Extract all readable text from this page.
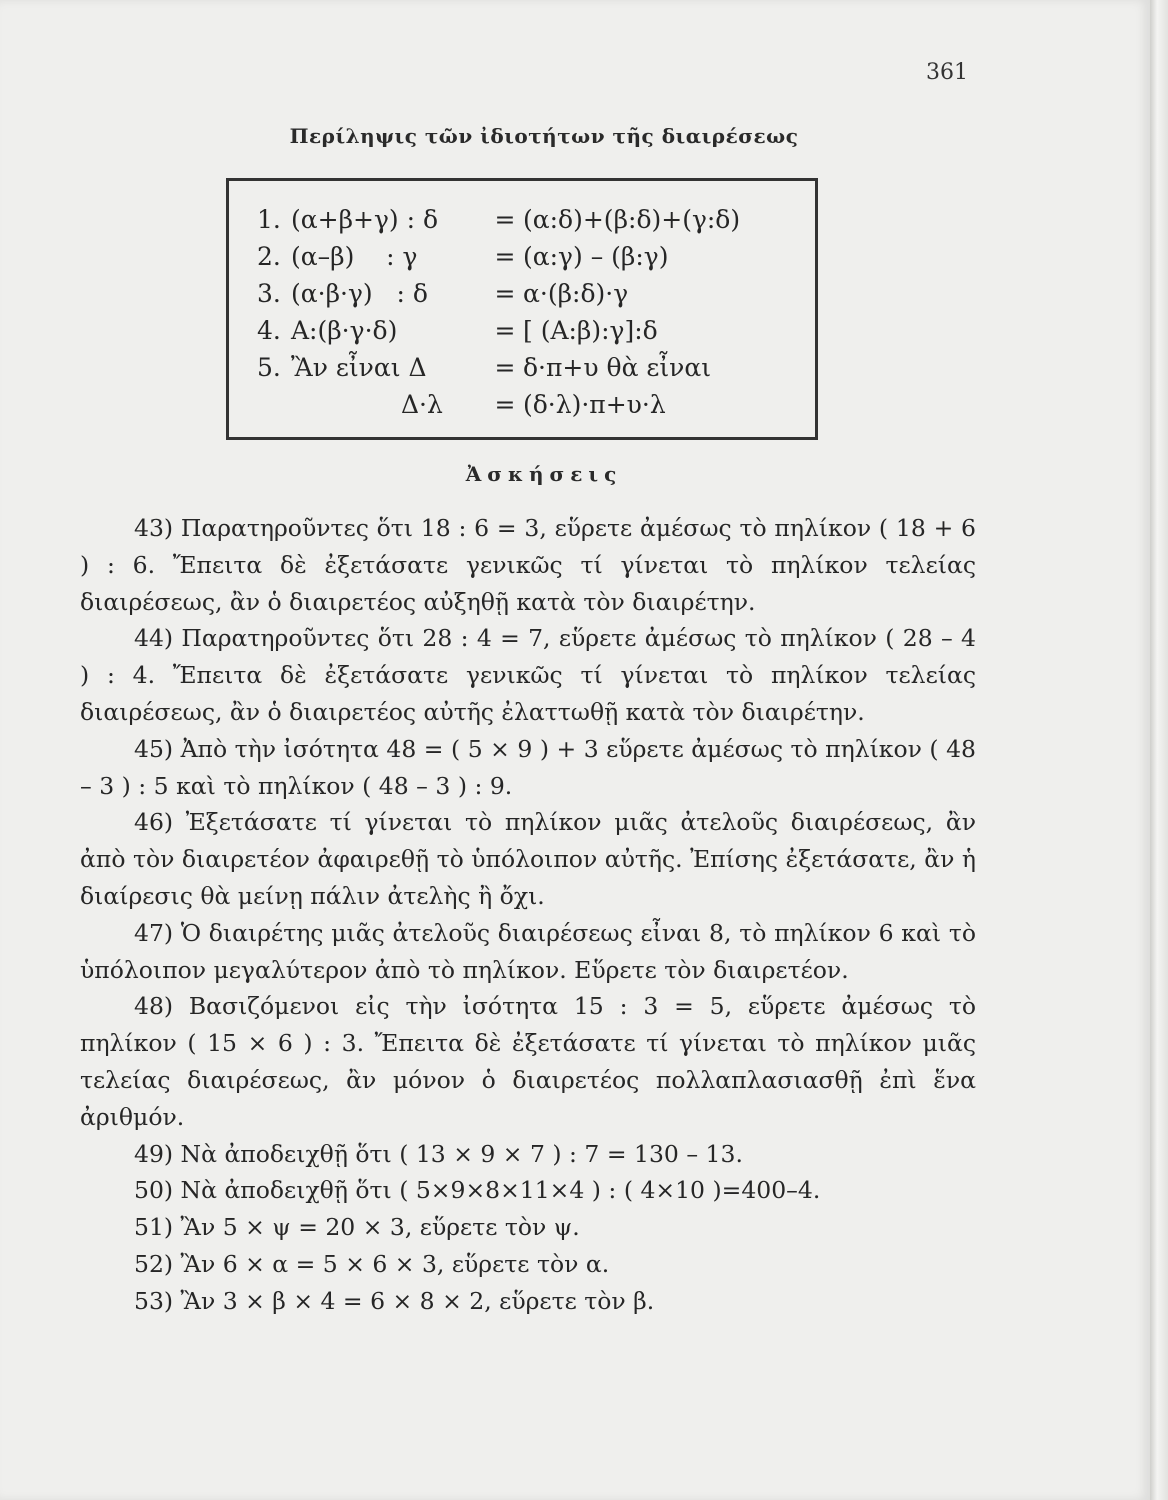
361
Περίληψις τῶν ἰδιοτήτων τῆς διαιρέσεως
1. (α+β+γ) : δ	= (α:δ)+(β:δ)+(γ:δ)
2. (α–β)    : γ	= (α:γ) – (β:γ)
3. (α·β·γ)   : δ	= α·(β:δ)·γ
4. A:(β·γ·δ)	= [ (A:β):γ]:δ
5. Ἂν εἶναι Δ	= δ·π+υ θὰ εἶναι
Δ·λ	= (δ·λ)·π+υ·λ
Ἀσκήσεις

43) Παρατηροῦντες ὅτι 18 : 6 = 3, εὕρετε ἀμέσως τὸ πηλίκον ( 18 + 6 ) : 6. Ἔπειτα δὲ ἐξετάσατε γενικῶς τί γίνεται τὸ πηλίκον τελείας διαιρέσεως, ἂν ὁ διαιρετέος αὐξηθῇ κατὰ τὸν διαιρέτην.

44) Παρατηροῦντες ὅτι 28 : 4 = 7, εὕρετε ἀμέσως τὸ πηλίκον ( 28 – 4 ) : 4. Ἔπειτα δὲ ἐξετάσατε γενικῶς τί γίνεται τὸ πηλίκον τελείας διαιρέσεως, ἂν ὁ διαιρετέος αὐτῆς ἐλαττωθῇ κατὰ τὸν διαιρέτην.

45) Ἀπὸ τὴν ἰσότητα 48 = ( 5 × 9 ) + 3 εὕρετε ἀμέσως τὸ πηλίκον ( 48 – 3 ) : 5 καὶ τὸ πηλίκον ( 48 – 3 ) : 9.

46) Ἐξετάσατε τί γίνεται τὸ πηλίκον μιᾶς ἀτελοῦς διαιρέσεως, ἂν ἀπὸ τὸν διαιρετέον ἀφαιρεθῇ τὸ ὑπόλοιπον αὐτῆς. Ἐπίσης ἐξετάσατε, ἂν ἡ διαίρεσις θὰ μείνῃ πάλιν ἀτελὴς ἢ ὄχι.

47) Ὁ διαιρέτης μιᾶς ἀτελοῦς διαιρέσεως εἶναι 8, τὸ πηλίκον 6 καὶ τὸ ὑπόλοιπον μεγαλύτερον ἀπὸ τὸ πηλίκον. Εὕρετε τὸν διαιρετέον.

48) Βασιζόμενοι εἰς τὴν ἰσότητα 15 : 3 = 5, εὕρετε ἀμέσως τὸ πηλίκον ( 15 × 6 ) : 3. Ἔπειτα δὲ ἐξετάσατε τί γίνεται τὸ πηλίκον μιᾶς τελείας διαιρέσεως, ἂν μόνον ὁ διαιρετέος πολλαπλασιασθῇ ἐπὶ ἕνα ἀριθμόν.

49) Νὰ ἀποδειχθῇ ὅτι ( 13 × 9 × 7 ) : 7 = 130 – 13.

50) Νὰ ἀποδειχθῇ ὅτι ( 5×9×8×11×4 ) : ( 4×10 )=400–4.

51) Ἂν 5 × ψ = 20 × 3, εὕρετε τὸν ψ.

52) Ἂν 6 × α = 5 × 6 × 3, εὕρετε τὸν α.

53) Ἂν 3 × β × 4 = 6 × 8 × 2, εὕρετε τὸν β.
